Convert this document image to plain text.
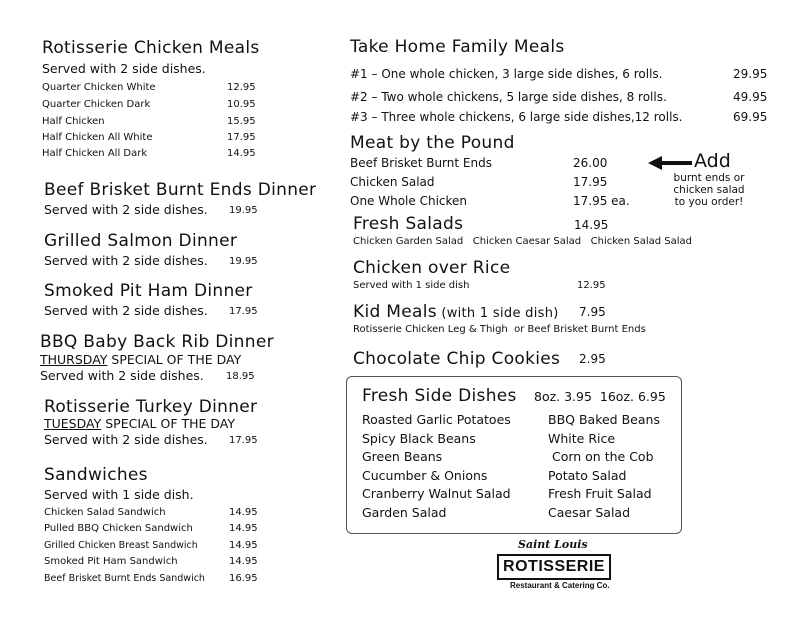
Rotisserie Chicken Meals
Served with 2 side dishes.
Quarter Chicken White	12.95
Quarter Chicken Dark	10.95
Half Chicken	15.95
Half Chicken All White	17.95
Half Chicken All Dark	14.95
Beef Brisket Burnt Ends Dinner
Served with 2 side dishes. 19.95
Grilled Salmon Dinner
Served with 2 side dishes. 19.95
Smoked Pit Ham Dinner
Served with 2 side dishes. 17.95
BBQ Baby Back Rib Dinner
THURSDAY SPECIAL OF THE DAY
Served with 2 side dishes. 18.95
Rotisserie Turkey Dinner
TUESDAY SPECIAL OF THE DAY
Served with 2 side dishes. 17.95
Sandwiches
Served with 1 side dish.
Chicken Salad Sandwich	14.95
Pulled BBQ Chicken Sandwich	14.95
Grilled Chicken Breast Sandwich	14.95
Smoked Pit Ham Sandwich	14.95
Beef Brisket Burnt Ends Sandwich 16.95
Take Home Family Meals
#1 – One whole chicken, 3 large side dishes, 6 rolls.	29.95
#2 – Two whole chickens, 5 large side dishes, 8 rolls.	49.95
#3 – Three whole chickens, 6 large side dishes,12 rolls.	69.95
Meat by the Pound
Beef Brisket Burnt Ends	26.00
Chicken Salad	17.95
One Whole Chicken	17.95 ea.
Add
burnt ends or
chicken salad
to you order!
Fresh Salads	14.95
Chicken Garden Salad   Chicken Caesar Salad   Chicken Salad Salad
Chicken over Rice
Served with 1 side dish	12.95
Kid Meals (with 1 side dish) 7.95
Rotisserie Chicken Leg & Thigh  or Beef Brisket Burnt Ends
Chocolate Chip Cookies 2.95
Fresh Side Dishes 8oz. 3.95  16oz. 6.95
Roasted Garlic Potatoes
Spicy Black Beans
Green Beans
Cucumber & Onions
Cranberry Walnut Salad
Garden Salad
BBQ Baked Beans
White Rice
Corn on the Cob
Potato Salad
Fresh Fruit Salad
Caesar Salad
Saint Louis
ROTISSERIE
Restaurant & Catering Co.
